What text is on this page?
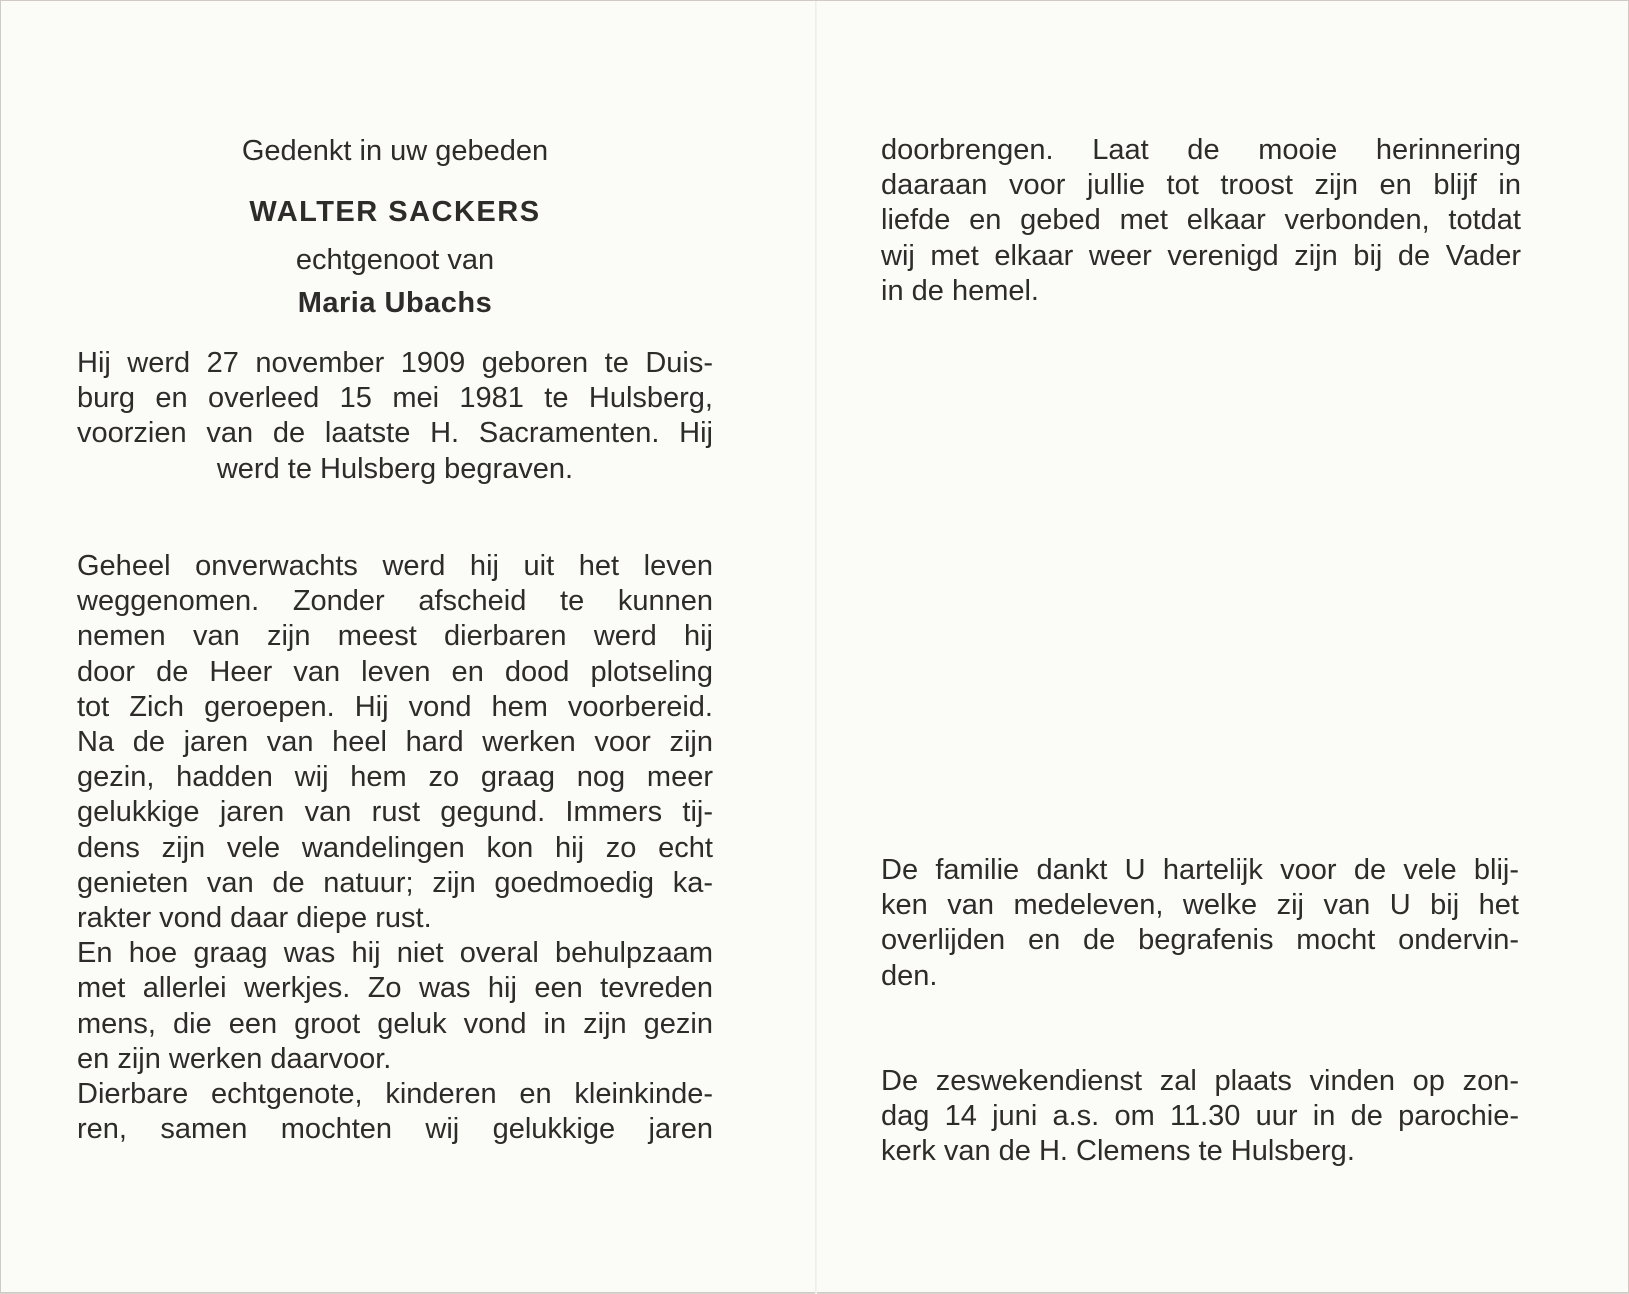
Gedenkt in uw gebeden

WALTER SACKERS

echtgenoot van

Maria Ubachs

Hij werd 27 november 1909 geboren te Duis-
burg en overleed 15 mei 1981 te Hulsberg,
voorzien van de laatste H. Sacramenten. Hij
werd te Hulsberg begraven.
Geheel onverwachts werd hij uit het leven
weggenomen. Zonder afscheid te kunnen
nemen van zijn meest dierbaren werd hij
door de Heer van leven en dood plotseling
tot Zich geroepen. Hij vond hem voorbereid.
Na de jaren van heel hard werken voor zijn
gezin, hadden wij hem zo graag nog meer
gelukkige jaren van rust gegund. Immers tij-
dens zijn vele wandelingen kon hij zo echt
genieten van de natuur; zijn goedmoedig ka-
rakter vond daar diepe rust.
En hoe graag was hij niet overal behulpzaam
met allerlei werkjes. Zo was hij een tevreden
mens, die een groot geluk vond in zijn gezin
en zijn werken daarvoor.
Dierbare echtgenote, kinderen en kleinkinde-
ren, samen mochten wij gelukkige jaren
doorbrengen. Laat de mooie herinnering
daaraan voor jullie tot troost zijn en blijf in
liefde en gebed met elkaar verbonden, totdat
wij met elkaar weer verenigd zijn bij de Vader
in de hemel.
De familie dankt U hartelijk voor de vele blij-
ken van medeleven, welke zij van U bij het
overlijden en de begrafenis mocht ondervin-
den.
De zeswekendienst zal plaats vinden op zon-
dag 14 juni a.s. om 11.30 uur in de parochie-
kerk van de H. Clemens te Hulsberg.
